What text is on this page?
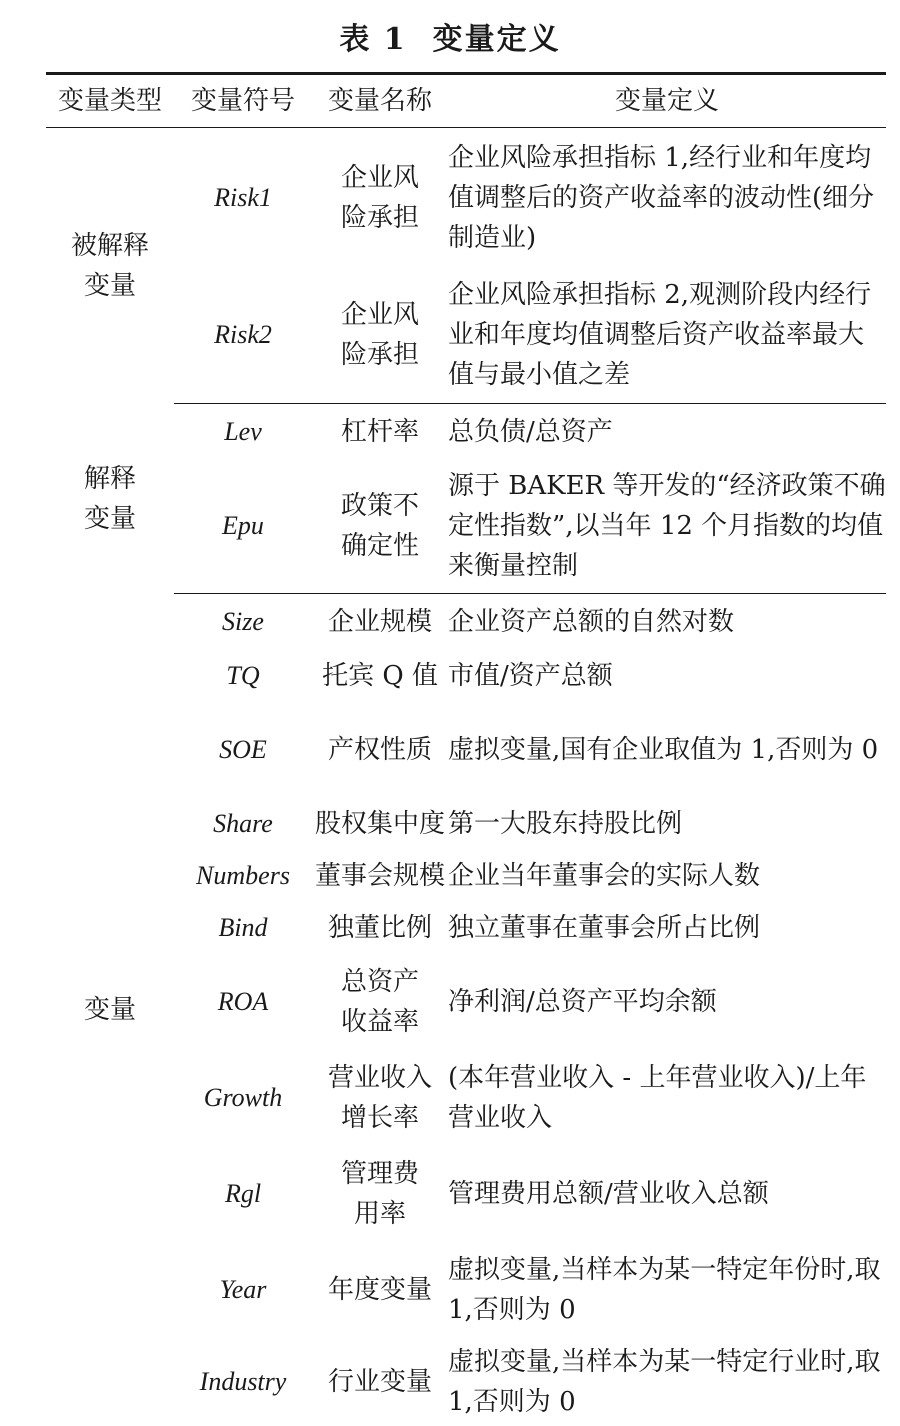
表 1 变量定义
变量类型	变量符号	变量名称	变量定义
被解释变量	Risk1	企业风险承担	企业风险承担指标 1,经行业和年度均值调整后的资产收益率的波动性(细分制造业)
	Risk2	企业风险承担	企业风险承担指标 2,观测阶段内经行业和年度均值调整后资产收益率最大值与最小值之差
解释变量	Lev	杠杆率	总负债/总资产
	Epu	政策不确定性	源于 BAKER 等开发的“经济政策不确定性指数”,以当年 12 个月指数的均值来衡量控制
变量	Size	企业规模	企业资产总额的自然对数
	TQ	托宾 Q 值	市值/资产总额
	SOE	产权性质	虚拟变量,国有企业取值为 1,否则为 0
	Share	股权集中度	第一大股东持股比例
	Numbers	董事会规模	企业当年董事会的实际人数
	Bind	独董比例	独立董事在董事会所占比例
	ROA	总资产收益率	净利润/总资产平均余额
	Growth	营业收入增长率	(本年营业收入 - 上年营业收入)/上年营业收入
	Rgl	管理费用率	管理费用总额/营业收入总额
	Year	年度变量	虚拟变量,当样本为某一特定年份时,取 1,否则为 0
	Industry	行业变量	虚拟变量,当样本为某一特定行业时,取 1,否则为 0
